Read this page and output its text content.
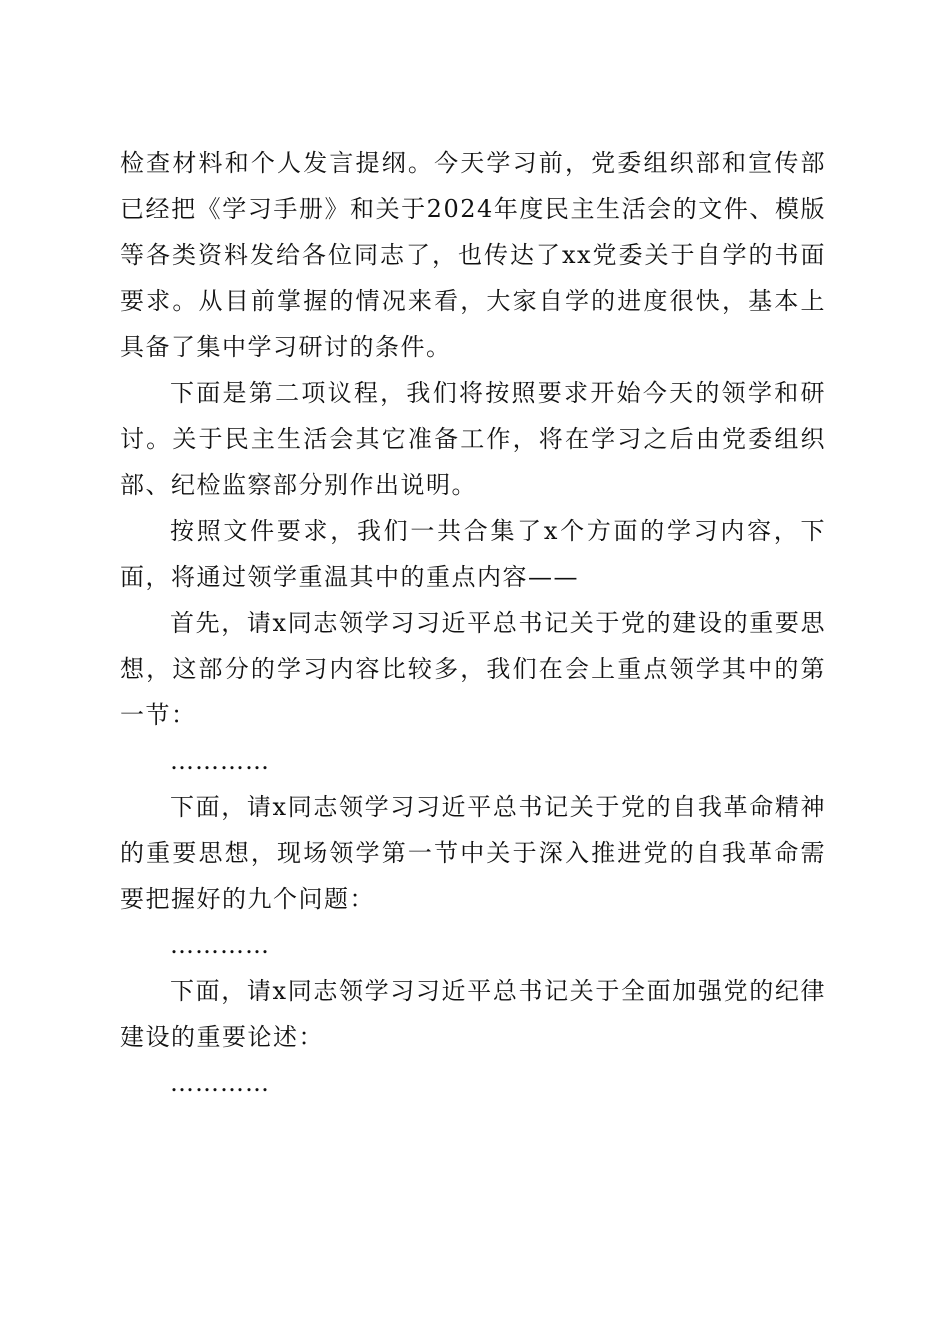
检查材料和个人发言提纲。今天学习前，党委组织部和宣传部已经把《学习手册》和关于2024年度民主生活会的文件、模版等各类资料发给各位同志了，也传达了xx党委关于自学的书面要求。从目前掌握的情况来看，大家自学的进度很快，基本上具备了集中学习研讨的条件。

下面是第二项议程，我们将按照要求开始今天的领学和研讨。关于民主生活会其它准备工作，将在学习之后由党委组织部、纪检监察部分别作出说明。

按照文件要求，我们一共合集了x个方面的学习内容，下面，将通过领学重温其中的重点内容——

首先，请x同志领学习习近平总书记关于党的建设的重要思想，这部分的学习内容比较多，我们在会上重点领学其中的第一节：

…………

下面，请x同志领学习习近平总书记关于党的自我革命精神的重要思想，现场领学第一节中关于深入推进党的自我革命需要把握好的九个问题：

…………

下面，请x同志领学习习近平总书记关于全面加强党的纪律建设的重要论述：

…………
